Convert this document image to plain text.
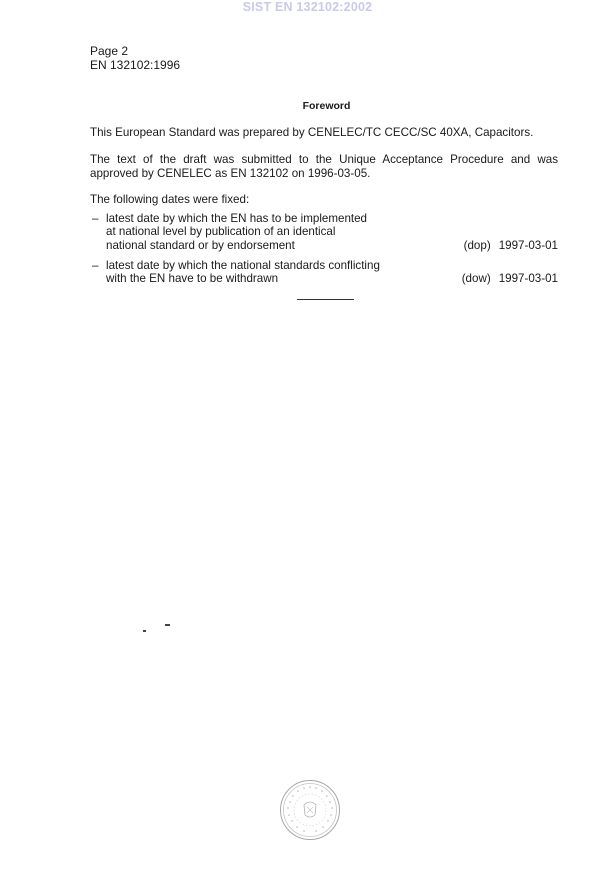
SIST EN 132102:2002
Page 2
EN 132102:1996
Foreword
This European Standard was prepared by CENELEC/TC CECC/SC 40XA, Capacitors.
The text of the draft was submitted to the Unique Acceptance Procedure and was
approved by CENELEC as EN 132102 on 1996-03-05.
The following dates were fixed:
– latest date by which the EN has to be implemented
at national level by publication of an identical
national standard or by endorsement	(dop) 1997-03-01
– latest date by which the national standards conflicting
with the EN have to be withdrawn	(dow) 1997-03-01
